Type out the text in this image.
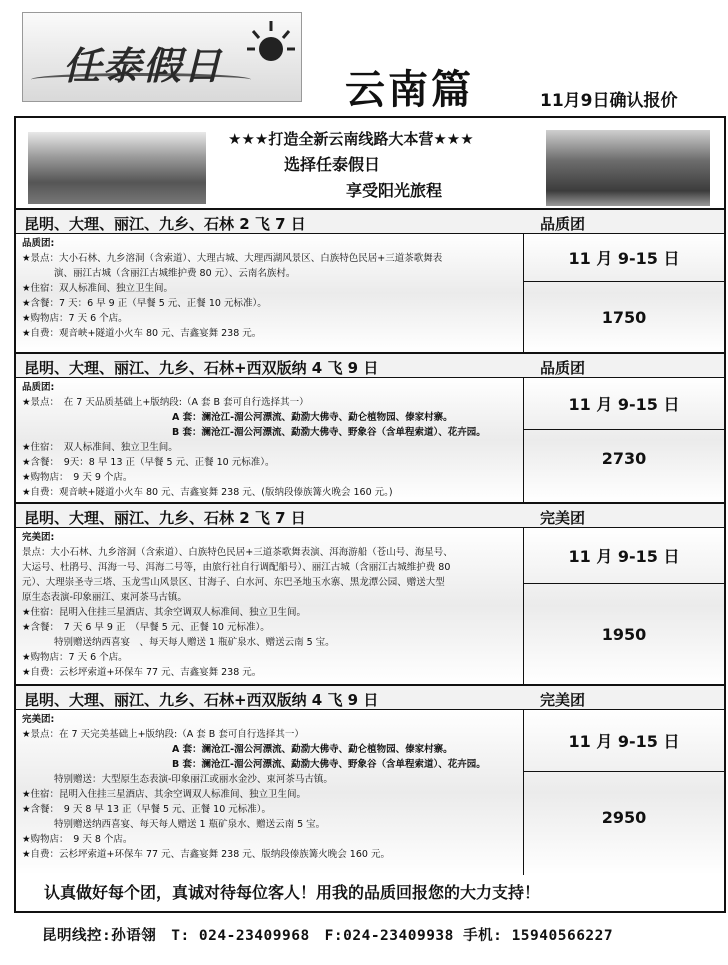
任泰假日
云南篇	11月9日确认报价
★★★打造全新云南线路大本营★★★
选择任泰假日
享受阳光旅程
昆明、大理、丽江、九乡、石林 2 飞 7 日	品质团
品质团:
★景点：大小石林、九乡溶洞（含索道）、大理古城、大理西湖风景区、白族特色民居+三道茶歌舞表
演、丽江古城（含丽江古城维护费 80 元）、云南名族村。
★住宿：双人标准间、独立卫生间。
★含餐：7 天：6 早 9 正（早餐 5 元、正餐 10 元标准）。
★购物店：7 天 6 个店。
★自费：观音峡+隧道小火车 80 元、吉鑫宴舞 238 元。
11 月 9-15 日
1750
昆明、大理、丽江、九乡、石林+西双版纳 4 飞 9 日	品质团
品质团:
★景点：　在 7 天品质基础上+版纳段:（A 套 B 套可自行选择其一）
A 套：澜沧江-湄公河漂流、勐泐大佛寺、勐仑植物园、傣家村寨。
B 套：澜沧江-湄公河漂流、勐泐大佛寺、野象谷（含单程索道）、花卉园。
★住宿：　双人标准间、独立卫生间。
★含餐：　9天：8 早 13 正（早餐 5 元、正餐 10 元标准）。
★购物店：　9 天 9 个店。
★自费：观音峡+隧道小火车 80 元、吉鑫宴舞 238 元、(版纳段傣族篝火晚会 160 元。)
11 月 9-15 日
2730
昆明、大理、丽江、九乡、石林 2 飞 7 日	完美团
完美团:
景点：大小石林、九乡溶洞（含索道）、白族特色民居+三道茶歌舞表演、洱海游船（苍山号、海星号、
大运号、杜鹃号、洱海一号、洱海二号等，由旅行社自行调配船号）、丽江古城（含丽江古城维护费 80
元）、大理崇圣寺三塔、玉龙雪山风景区、甘海子、白水河、东巴圣地玉水寨、黑龙潭公园、赠送大型
原生态表演-印象丽江、束河茶马古镇。
★住宿：昆明入住挂三星酒店、其余空调双人标准间、独立卫生间。
★含餐：　7 天 6 早 9 正　（早餐 5 元、正餐 10 元标准）。
特别赠送纳西喜宴　、每天每人赠送 1 瓶矿泉水、赠送云南 5 宝。
★购物店：7 天 6 个店。
★自费：云杉坪索道+环保车 77 元、吉鑫宴舞 238 元。
11 月 9-15 日
1950
昆明、大理、丽江、九乡、石林+西双版纳 4 飞 9 日	完美团
完美团:
★景点：在 7 天完美基础上+版纳段:（A 套 B 套可自行选择其一）
A 套：澜沧江-湄公河漂流、勐泐大佛寺、勐仑植物园、傣家村寨。
B 套：澜沧江-湄公河漂流、勐泐大佛寺、野象谷（含单程索道）、花卉园。
特别赠送：大型原生态表演-印象丽江或丽水金沙、束河茶马古镇。
★住宿：昆明入住挂三星酒店、其余空调双人标准间、独立卫生间。
★含餐：　9 天 8 早 13 正（早餐 5 元、正餐 10 元标准）。
特别赠送纳西喜宴、每天每人赠送 1 瓶矿泉水、赠送云南 5 宝。
★购物店：　9 天 8 个店。
★自费：云杉坪索道+环保车 77 元、吉鑫宴舞 238 元、版纳段傣族篝火晚会 160 元。
11 月 9-15 日
2950
认真做好每个团，真诚对待每位客人！用我的品质回报您的大力支持！
昆明线控:孙语翎　T: 024-23409968　F:024-23409938 手机: 15940566227
